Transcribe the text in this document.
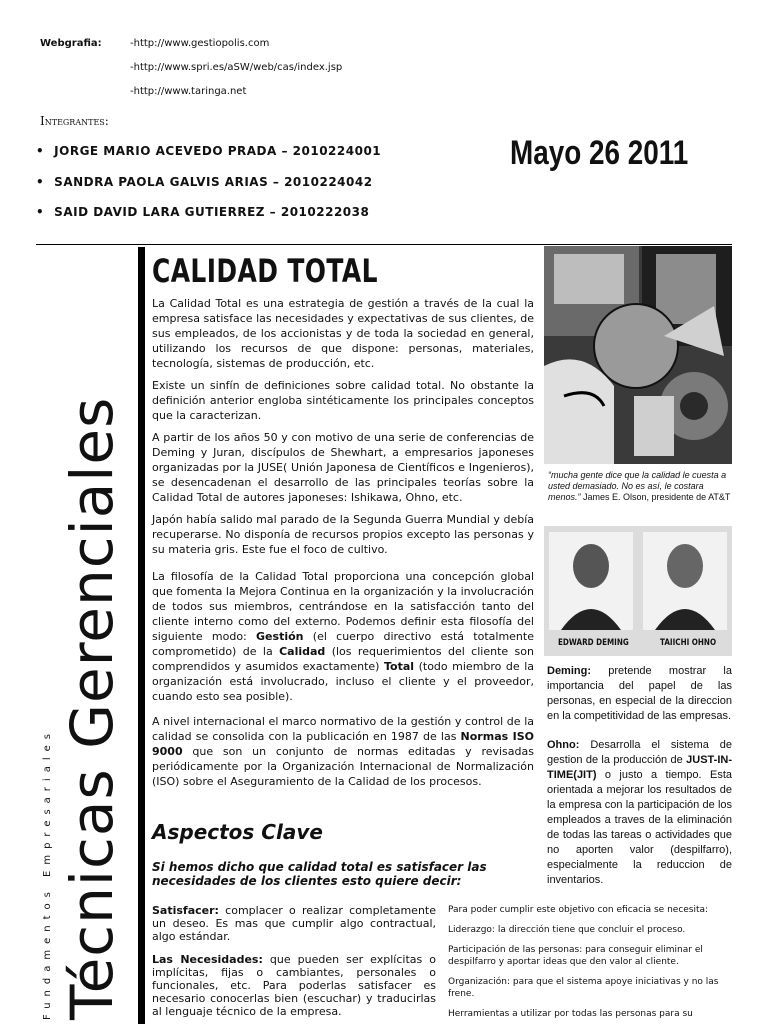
Webgrafia:	-http://www.gestiopolis.com
-http://www.spri.es/aSW/web/cas/index.jsp
-http://www.taringa.net
Integrantes:
• JORGE MARIO ACEVEDO PRADA – 2010224001
• SANDRA PAOLA GALVIS ARIAS – 2010224042
• SAID DAVID LARA GUTIERREZ – 2010222038
Mayo 26 2011
Técnicas Gerenciales
Fundamentos Empresariales
CALIDAD TOTAL

La Calidad Total es una estrategia de gestión a través de la cual la empresa satisface las necesidades y expectativas de sus clientes, de sus empleados, de los accionistas y de toda la sociedad en general, utilizando los recursos de que dispone: personas, materiales, tecnología, sistemas de producción, etc.

Existe un sinfín de definiciones sobre calidad total. No obstante la definición anterior engloba sintéticamente los principales conceptos que la caracterizan.

A partir de los años 50 y con motivo de una serie de conferencias de Deming y Juran, discípulos de Shewhart, a empresarios japoneses organizadas por la JUSE( Unión Japonesa de Científicos e Ingenieros), se desencadenan el desarrollo de las principales teorías sobre la Calidad Total de autores japoneses: Ishikawa, Ohno, etc.

Japón había salido mal parado de la Segunda Guerra Mundial y debía recuperarse. No disponía de recursos propios excepto las personas y su materia gris. Este fue el foco de cultivo.

La filosofía de la Calidad Total proporciona una concepción global que fomenta la Mejora Continua en la organización y la involucración de todos sus miembros, centrándose en la satisfacción tanto del cliente interno como del externo. Podemos definir esta filosofía del siguiente modo: Gestión (el cuerpo directivo está totalmente comprometido) de la Calidad (los requerimientos del cliente son comprendidos y asumidos exactamente) Total (todo miembro de la organización está involucrado, incluso el cliente y el proveedor, cuando esto sea posible).

A nivel internacional el marco normativo de la gestión y control de la calidad se consolida con la publicación en 1987 de las Normas ISO 9000 que son un conjunto de normas editadas y revisadas periódicamente por la Organización Internacional de Normalización (ISO) sobre el Aseguramiento de la Calidad de los procesos.

Aspectos Clave
Si hemos dicho que calidad total es satisfacer las necesidades de los clientes esto quiere decir:

Satisfacer: complacer o realizar completamente un deseo. Es mas que cumplir algo contractual, algo estándar.

Las Necesidades: que pueden ser explícitas o implícitas, fijas o cambiantes, personales o funcionales, etc. Para poderlas satisfacer es necesario conocerlas bien (escuchar) y traducirlas al lenguaje técnico de la empresa.

Para poder cumplir este objetivo con eficacia se necesita:

Liderazgo: la dirección tiene que concluir el proceso.

Participación de las personas: para conseguir eliminar el despilfarro y aportar ideas que den valor al cliente.

Organización: para que el sistema apoye iniciativas y no las frene.

Herramientas a utilizar por todas las personas para su

“mucha gente dice que la calidad le cuesta a usted demasiado. No es así, le costara menos.” James E. Olson, presidente de AT&T
EDWARD DEMING	TAIICHI OHNO
Deming: pretende mostrar la importancia del papel de las personas, en especial de la direccion en la competitividad de las empresas.
Ohno: Desarrolla el sistema de gestion de la producción de JUST-IN-TIME(JIT) o justo a tiempo. Esta orientada a mejorar los resultados de la empresa con la participación de los empleados a traves de la eliminación de todas las tareas o actividades que no aporten valor (despilfarro), especialmente la reduccion de inventarios.
